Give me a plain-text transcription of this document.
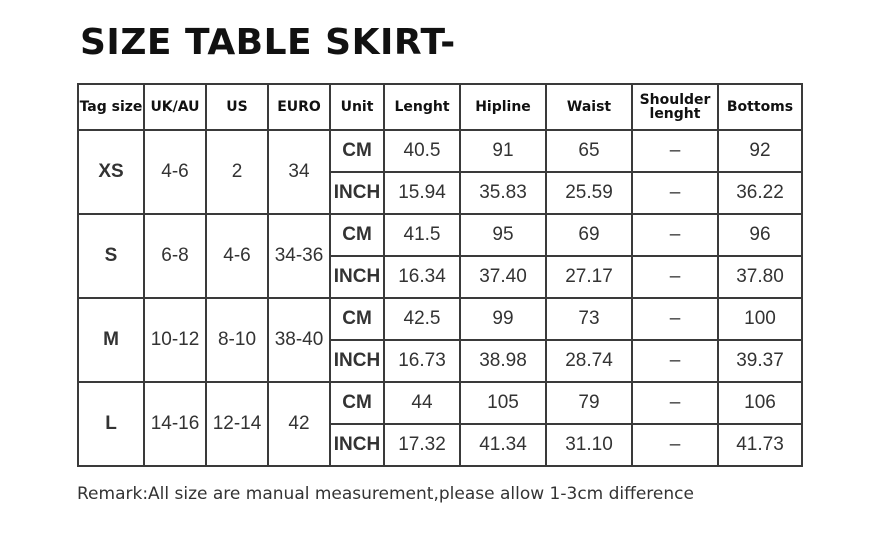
SIZE TABLE SKIRT-
Tag size	UK/AU	US	EURO	Unit	Lenght	Hipline	Waist	Shoulder lenght	Bottoms
XS	4-6	2	34	CM	40.5	91	65	–	92
				INCH	15.94	35.83	25.59	–	36.22
S	6-8	4-6	34-36	CM	41.5	95	69	–	96
				INCH	16.34	37.40	27.17	–	37.80
M	10-12	8-10	38-40	CM	42.5	99	73	–	100
				INCH	16.73	38.98	28.74	–	39.37
L	14-16	12-14	42	CM	44	105	79	–	106
				INCH	17.32	41.34	31.10	–	41.73
Remark:All size are manual measurement,please allow 1-3cm difference
